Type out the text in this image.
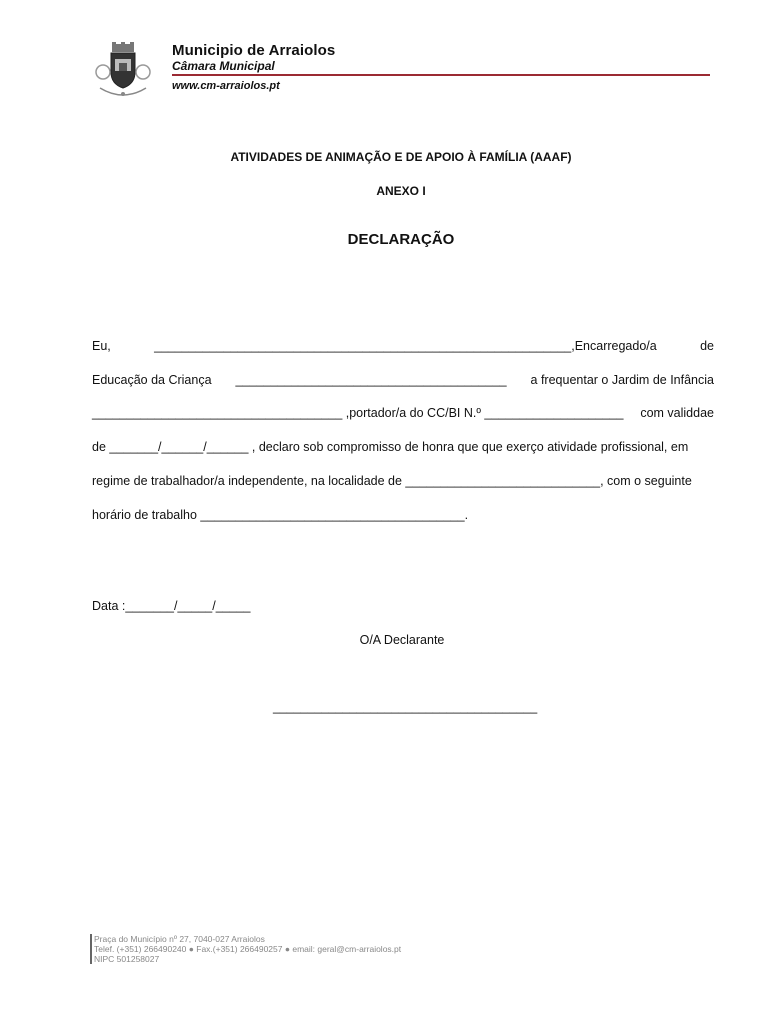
Municipio de Arraiolos
Câmara Municipal
www.cm-arraiolos.pt
ATIVIDADES DE ANIMAÇÃO E DE APOIO À FAMÍLIA (AAAF)
ANEXO I
DECLARAÇÃO
Eu,	____________________________________________________________,Encarregado/a	de
Educação da Criança _______________________________________ a frequentar o Jardim de Infância
____________________________________ ,portador/a do CC/BI N.º ____________________ com validdae
de _______/______/______ , declaro sob compromisso de honra que que exerço atividade profissional, em
regime de trabalhador/a independente, na localidade de ____________________________, com o seguinte
horário de trabalho ______________________________________.
Data :_______/_____/_____
O/A Declarante
______________________________________
Praça do Município nº 27, 7040-027 Arraiolos
Telef. (+351) 266490240 ● Fax.(+351) 266490257 ● email: geral@cm-arraiolos.pt
NIPC 501258027
